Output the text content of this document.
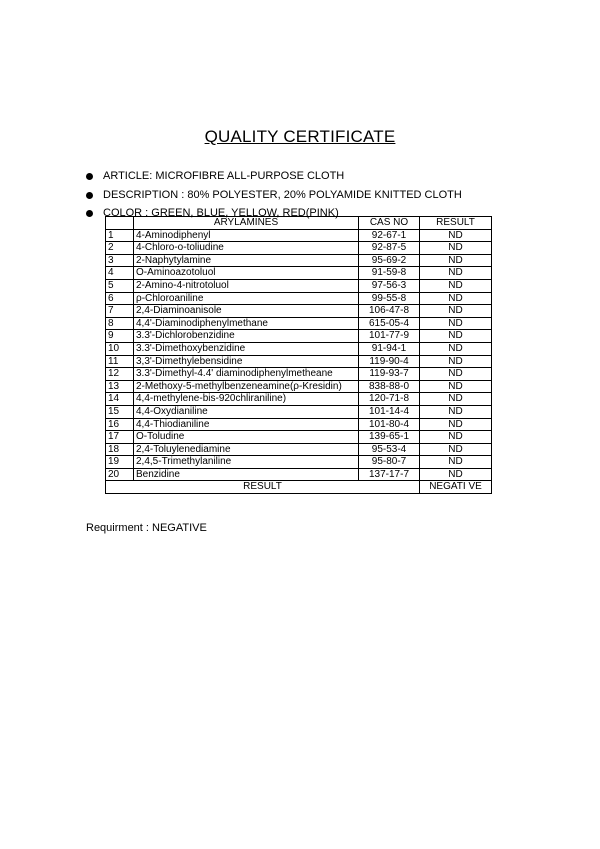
QUALITY CERTIFICATE
ARTICLE: MICROFIBRE ALL-PURPOSE CLOTH
DESCRIPTION : 80% POLYESTER, 20% POLYAMIDE KNITTED CLOTH
COLOR : GREEN, BLUE, YELLOW, RED(PINK)
	ARYLAMINES	CAS NO	RESULT
1	4-Aminodiphenyl	92-67-1	ND
2	4-Chloro-o-toliudine	92-87-5	ND
3	2-Naphytylamine	95-69-2	ND
4	O-Aminoazotoluol	91-59-8	ND
5	2-Amino-4-nitrotoluol	97-56-3	ND
6	ρ-Chloroaniline	99-55-8	ND
7	2,4-Diaminoanisole	106-47-8	ND
8	4,4'-Diaminodiphenylmethane	615-05-4	ND
9	3.3'-Dichlorobenzidine	101-77-9	ND
10	3.3'-Dimethoxybenzidine	91-94-1	ND
11	3,3'-Dimethylebensidine	119-90-4	ND
12	3.3'-Dimethyl-4.4' diaminodiphenylmetheane	119-93-7	ND
13	2-Methoxy-5-methylbenzeneamine(ρ-Kresidin)	838-88-0	ND
14	4,4-methylene-bis-920chliraniline)	120-71-8	ND
15	4,4-Oxydianiline	101-14-4	ND
16	4,4-Thiodianiline	101-80-4	ND
17	O-Toludine	139-65-1	ND
18	2,4-Toluylenediamine	95-53-4	ND
19	2,4,5-Trimethylaniline	95-80-7	ND
20	Benzidine	137-17-7	ND
RESULT			NEGATI VE
Requirment : NEGATIVE
